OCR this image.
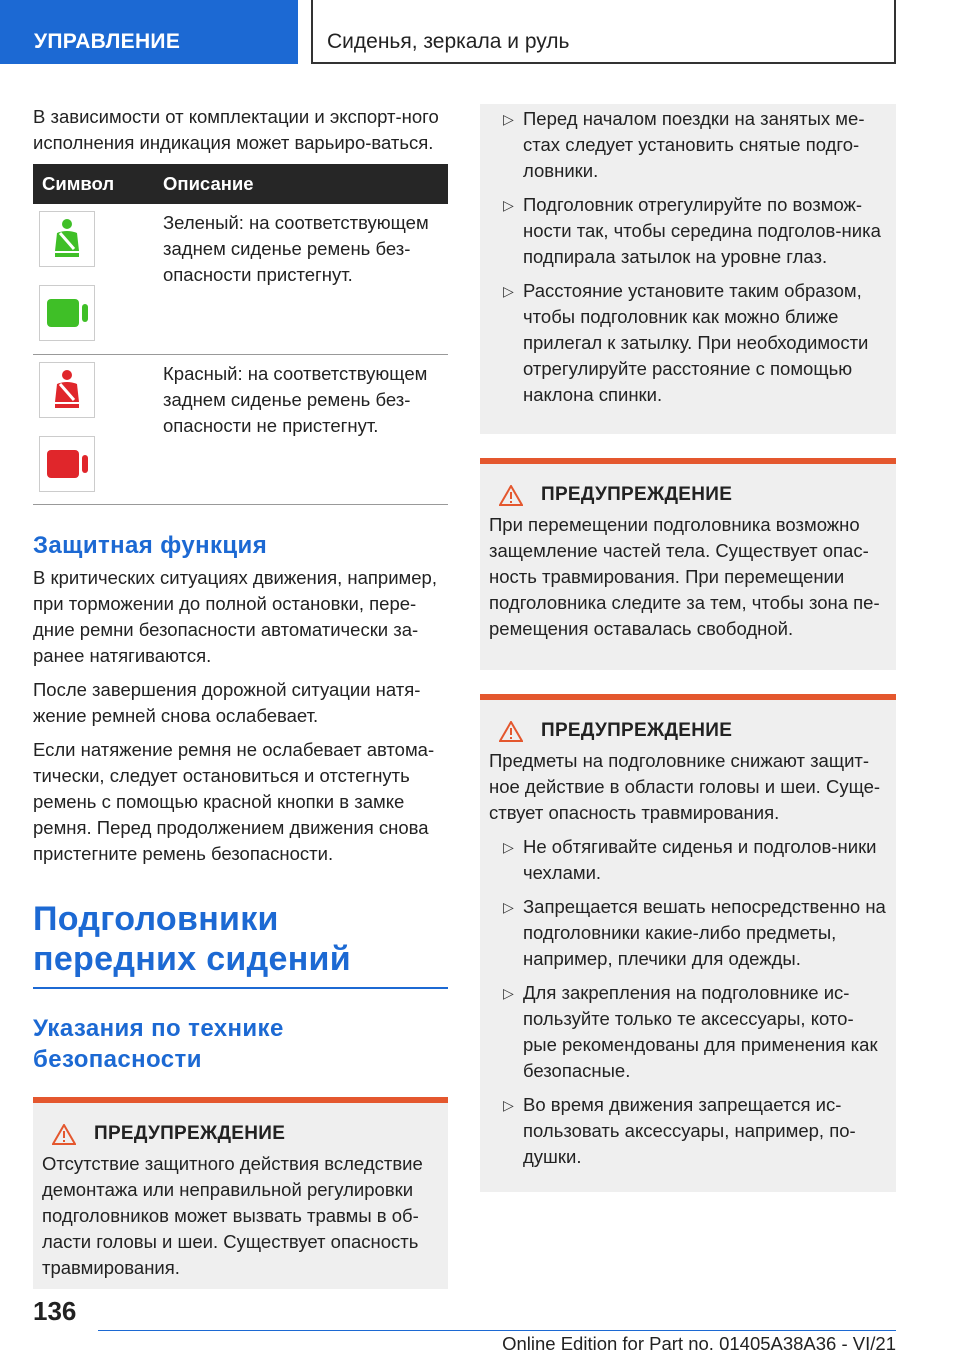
УПРАВЛЕНИЕ	Сиденья, зеркала и руль

В зависимости от комплектации и экспорт-ного исполнения индикация может варьиро-ваться.

Символ	Описание
Зеленый: на соответствующем заднем сиденье ремень без-опасности пристегнут.
Красный: на соответствующем заднем сиденье ремень без-опасности не пристегнут.
Защитная функция

В критических ситуациях движения, например, при торможении до полной остановки, пере-дние ремни безопасности автоматически за-ранее натягиваются.

После завершения дорожной ситуации натя-жение ремней снова ослабевает.

Если натяжение ремня не ослабевает автома-тически, следует остановиться и отстегнуть ремень с помощью красной кнопки в замке ремня. Перед продолжением движения снова пристегните ремень безопасности.

Подголовники передних сидений
Указания по технике безопасности
ПРЕДУПРЕЖДЕНИЕ

Отсутствие защитного действия вследствие демонтажа или неправильной регулировки подголовников может вызвать травмы в об-ласти головы и шеи. Существует опасность травмирования.

▷ Перед началом поездки на занятых ме-стах следует установить снятые подго-ловники.
▷ Подголовник отрегулируйте по возмож-ности так, чтобы середина подголов-ника подпирала затылок на уровне глаз.
▷ Расстояние установите таким образом, чтобы подголовник как можно ближе прилегал к затылку. При необходимости отрегулируйте расстояние с помощью наклона спинки.
ПРЕДУПРЕЖДЕНИЕ

При перемещении подголовника возможно защемление частей тела. Существует опас-ность травмирования. При перемещении подголовника следите за тем, чтобы зона пе-ремещения оставалась свободной.

ПРЕДУПРЕЖДЕНИЕ

Предметы на подголовнике снижают защит-ное действие в области головы и шеи. Суще-ствует опасность травмирования.

▷ Не обтягивайте сиденья и подголов-ники чехлами.
▷ Запрещается вешать непосредственно на подголовники какие-либо предметы, например, плечики для одежды.
▷ Для закрепления на подголовнике ис-пользуйте только те аксессуары, кото-рые рекомендованы для применения как безопасные.
▷ Во время движения запрещается ис-пользовать аксессуары, например, по-душки.
136
Online Edition for Part no. 01405A38A36 - VI/21
